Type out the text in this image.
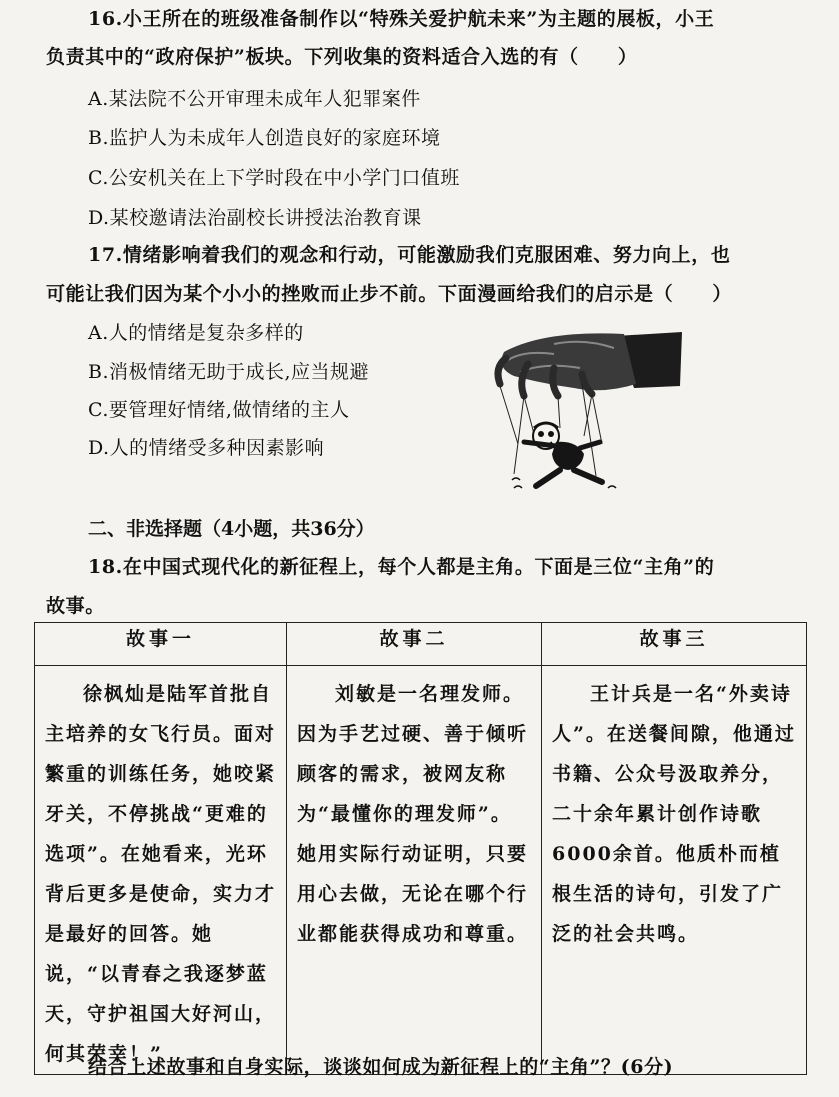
16.小王所在的班级准备制作以“特殊关爱护航未来”为主题的展板，小王
负责其中的“政府保护”板块。下列收集的资料适合入选的有（　　）
A.某法院不公开审理未成年人犯罪案件
B.监护人为未成年人创造良好的家庭环境
C.公安机关在上下学时段在中小学门口值班
D.某校邀请法治副校长讲授法治教育课
17.情绪影响着我们的观念和行动，可能激励我们克服困难、努力向上，也
可能让我们因为某个小小的挫败而止步不前。下面漫画给我们的启示是（　　）
A.人的情绪是复杂多样的
B.消极情绪无助于成长,应当规避
C.要管理好情绪,做情绪的主人
D.人的情绪受多种因素影响
二、非选择题（4小题，共36分）
18.在中国式现代化的新征程上，每个人都是主角。下面是三位“主角”的
故事。
故事一	故事二	故事三

徐枫灿是陆军首批自主培养的女飞行员。面对繁重的训练任务，她咬紧牙关，不停挑战“更难的选项”。在她看来，光环背后更多是使命，实力才是最好的回答。她说，“以青春之我逐梦蓝天，守护祖国大好河山，何其荣幸！”	刘敏是一名理发师。因为手艺过硬、善于倾听顾客的需求，被网友称为“最懂你的理发师”。她用实际行动证明，只要用心去做，无论在哪个行业都能获得成功和尊重。	王计兵是一名“外卖诗人”。在送餐间隙，他通过书籍、公众号汲取养分，二十余年累计创作诗歌6000余首。他质朴而植根生活的诗句，引发了广泛的社会共鸣。

结合上述故事和自身实际，谈谈如何成为新征程上的“主角”？(6分)
